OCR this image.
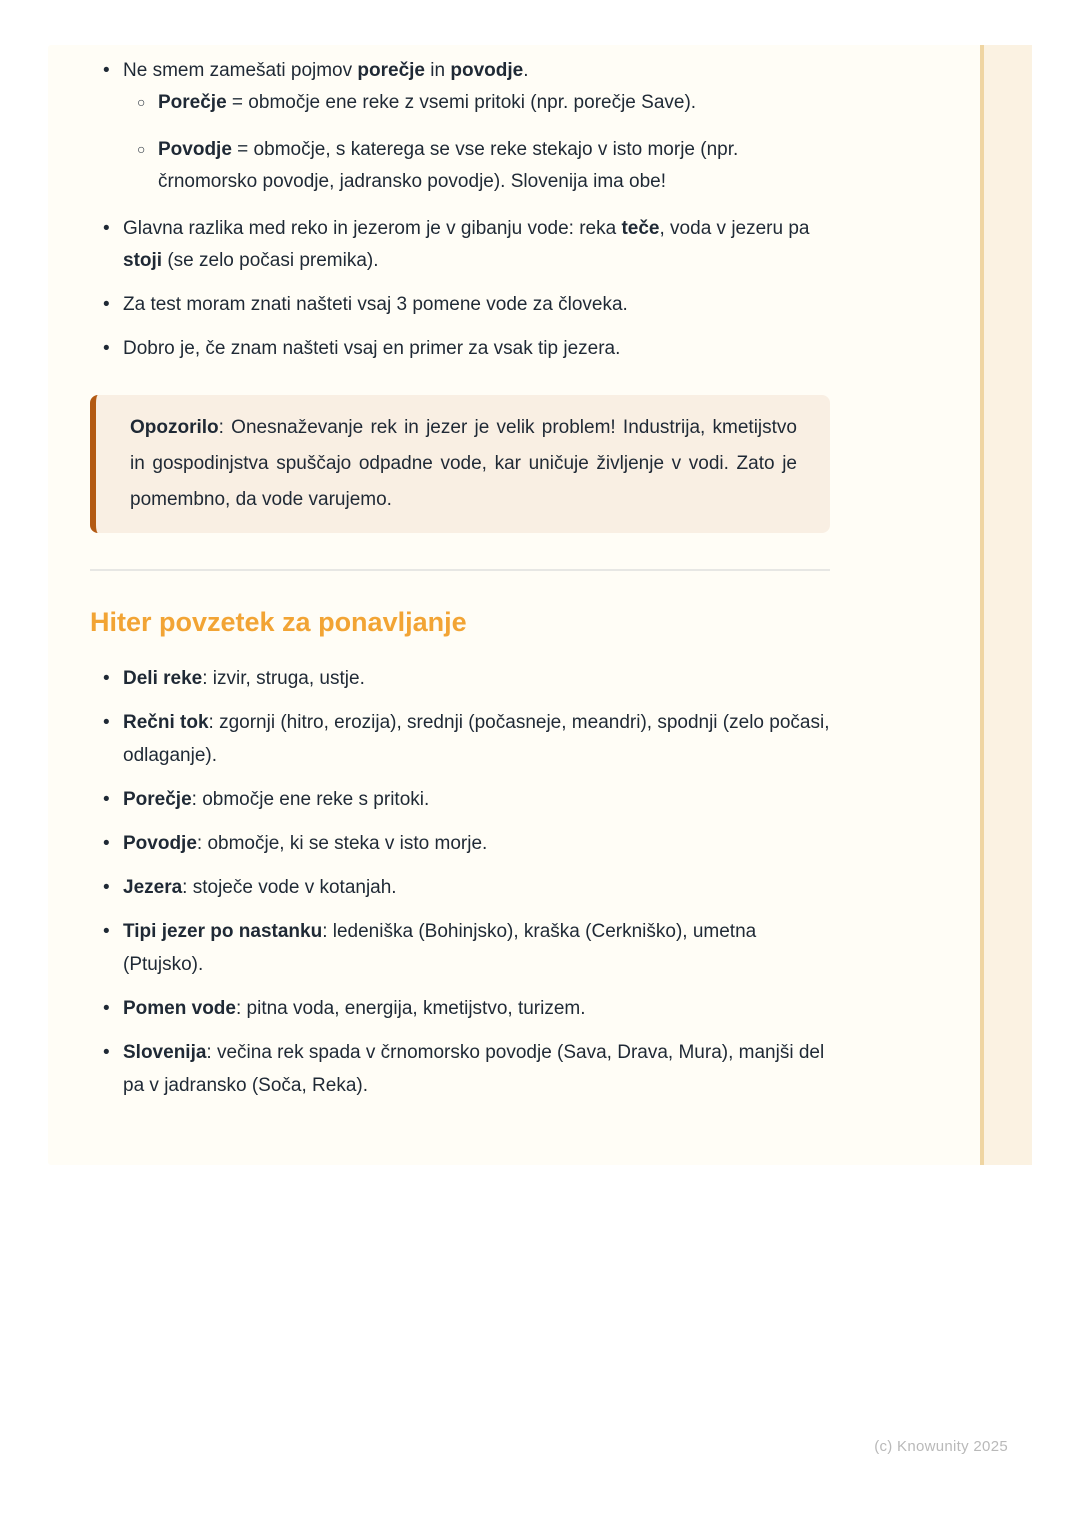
• Ne smem zamešati pojmov porečje in povodje.
○ Porečje = območje ene reke z vsemi pritoki (npr. porečje Save).
○ Povodje = območje, s katerega se vse reke stekajo v isto morje (npr. črnomorsko povodje, jadransko povodje). Slovenija ima obe!
• Glavna razlika med reko in jezerom je v gibanju vode: reka teče, voda v jezeru pa stoji (se zelo počasi premika).
• Za test moram znati našteti vsaj 3 pomene vode za človeka.
• Dobro je, če znam našteti vsaj en primer za vsak tip jezera.

Opozorilo: Onesnaževanje rek in jezer je velik problem! Industrija, kmetijstvo in gospodinjstva spuščajo odpadne vode, kar uničuje življenje v vodi. Zato je pomembno, da vode varujemo.

Hiter povzetek za ponavljanje
• Deli reke: izvir, struga, ustje.
• Rečni tok: zgornji (hitro, erozija), srednji (počasneje, meandri), spodnji (zelo počasi, odlaganje).
• Porečje: območje ene reke s pritoki.
• Povodje: območje, ki se steka v isto morje.
• Jezera: stoječe vode v kotanjah.
• Tipi jezer po nastanku: ledeniška (Bohinjsko), kraška (Cerkniško), umetna (Ptujsko).
• Pomen vode: pitna voda, energija, kmetijstvo, turizem.
• Slovenija: večina rek spada v črnomorsko povodje (Sava, Drava, Mura), manjši del pa v jadransko (Soča, Reka).
(c) Knowunity 2025
